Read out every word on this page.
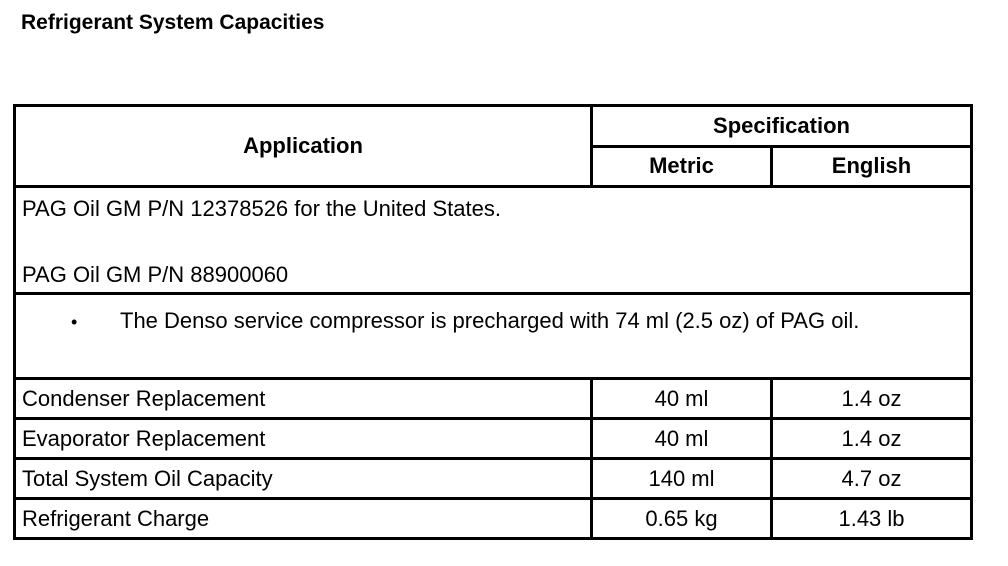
Refrigerant System Capacities
Application	Specification	
	Metric	English

PAG Oil GM P/N 12378526 for the United States.
PAG Oil GM P/N 88900060		

• The Denso service compressor is precharged with 74 ml (2.5 oz) of PAG oil.		

Condenser Replacement	40 ml	1.4 oz
Evaporator Replacement	40 ml	1.4 oz
Total System Oil Capacity	140 ml	4.7 oz
Refrigerant Charge	0.65 kg	1.43 lb
